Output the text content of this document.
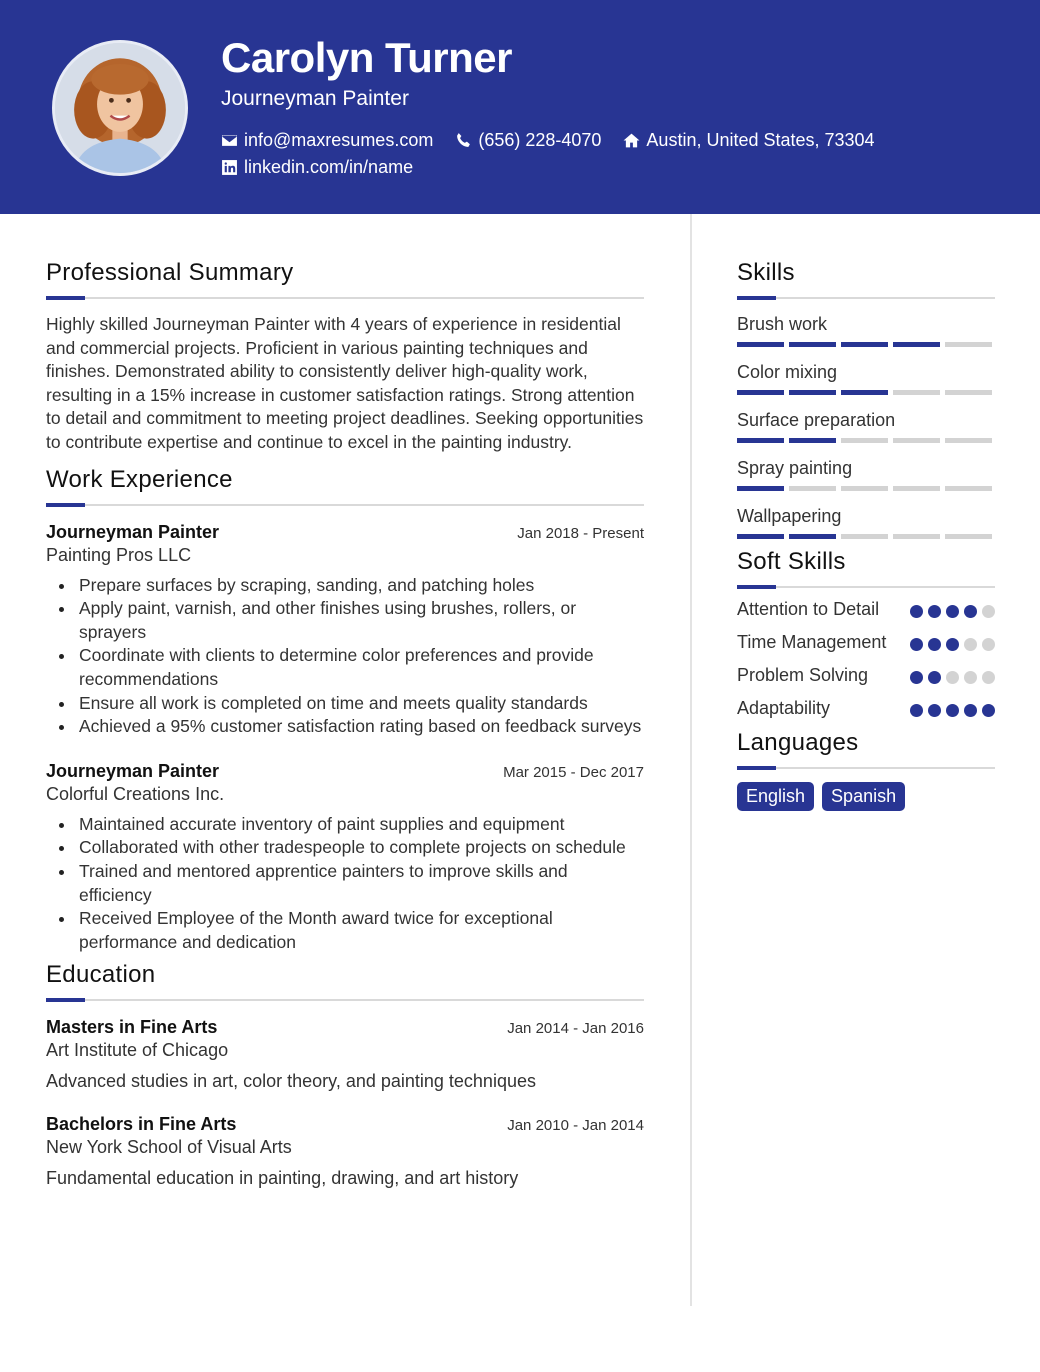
Carolyn Turner
Journeyman Painter
info@maxresumes.com	(656) 228-4070	Austin, United States, 73304
linkedin.com/in/name
Professional Summary

Highly skilled Journeyman Painter with 4 years of experience in residential and commercial projects. Proficient in various painting techniques and finishes. Demonstrated ability to consistently deliver high-quality work, resulting in a 15% increase in customer satisfaction ratings. Strong attention to detail and commitment to meeting project deadlines. Seeking opportunities to contribute expertise and continue to excel in the painting industry.

Work Experience
Journeyman Painter	Jan 2018 - Present
Painting Pros LLC
Prepare surfaces by scraping, sanding, and patching holes
Apply paint, varnish, and other finishes using brushes, rollers, or sprayers
Coordinate with clients to determine color preferences and provide recommendations
Ensure all work is completed on time and meets quality standards
Achieved a 95% customer satisfaction rating based on feedback surveys
Journeyman Painter	Mar 2015 - Dec 2017
Colorful Creations Inc.
Maintained accurate inventory of paint supplies and equipment
Collaborated with other tradespeople to complete projects on schedule
Trained and mentored apprentice painters to improve skills and efficiency
Received Employee of the Month award twice for exceptional performance and dedication
Education
Masters in Fine Arts	Jan 2014 - Jan 2016
Art Institute of Chicago
Advanced studies in art, color theory, and painting techniques
Bachelors in Fine Arts	Jan 2010 - Jan 2014
New York School of Visual Arts
Fundamental education in painting, drawing, and art history
Skills
Brush work
Color mixing
Surface preparation
Spray painting
Wallpapering
Soft Skills
Attention to Detail
Time Management
Problem Solving
Adaptability
Languages
English	Spanish
